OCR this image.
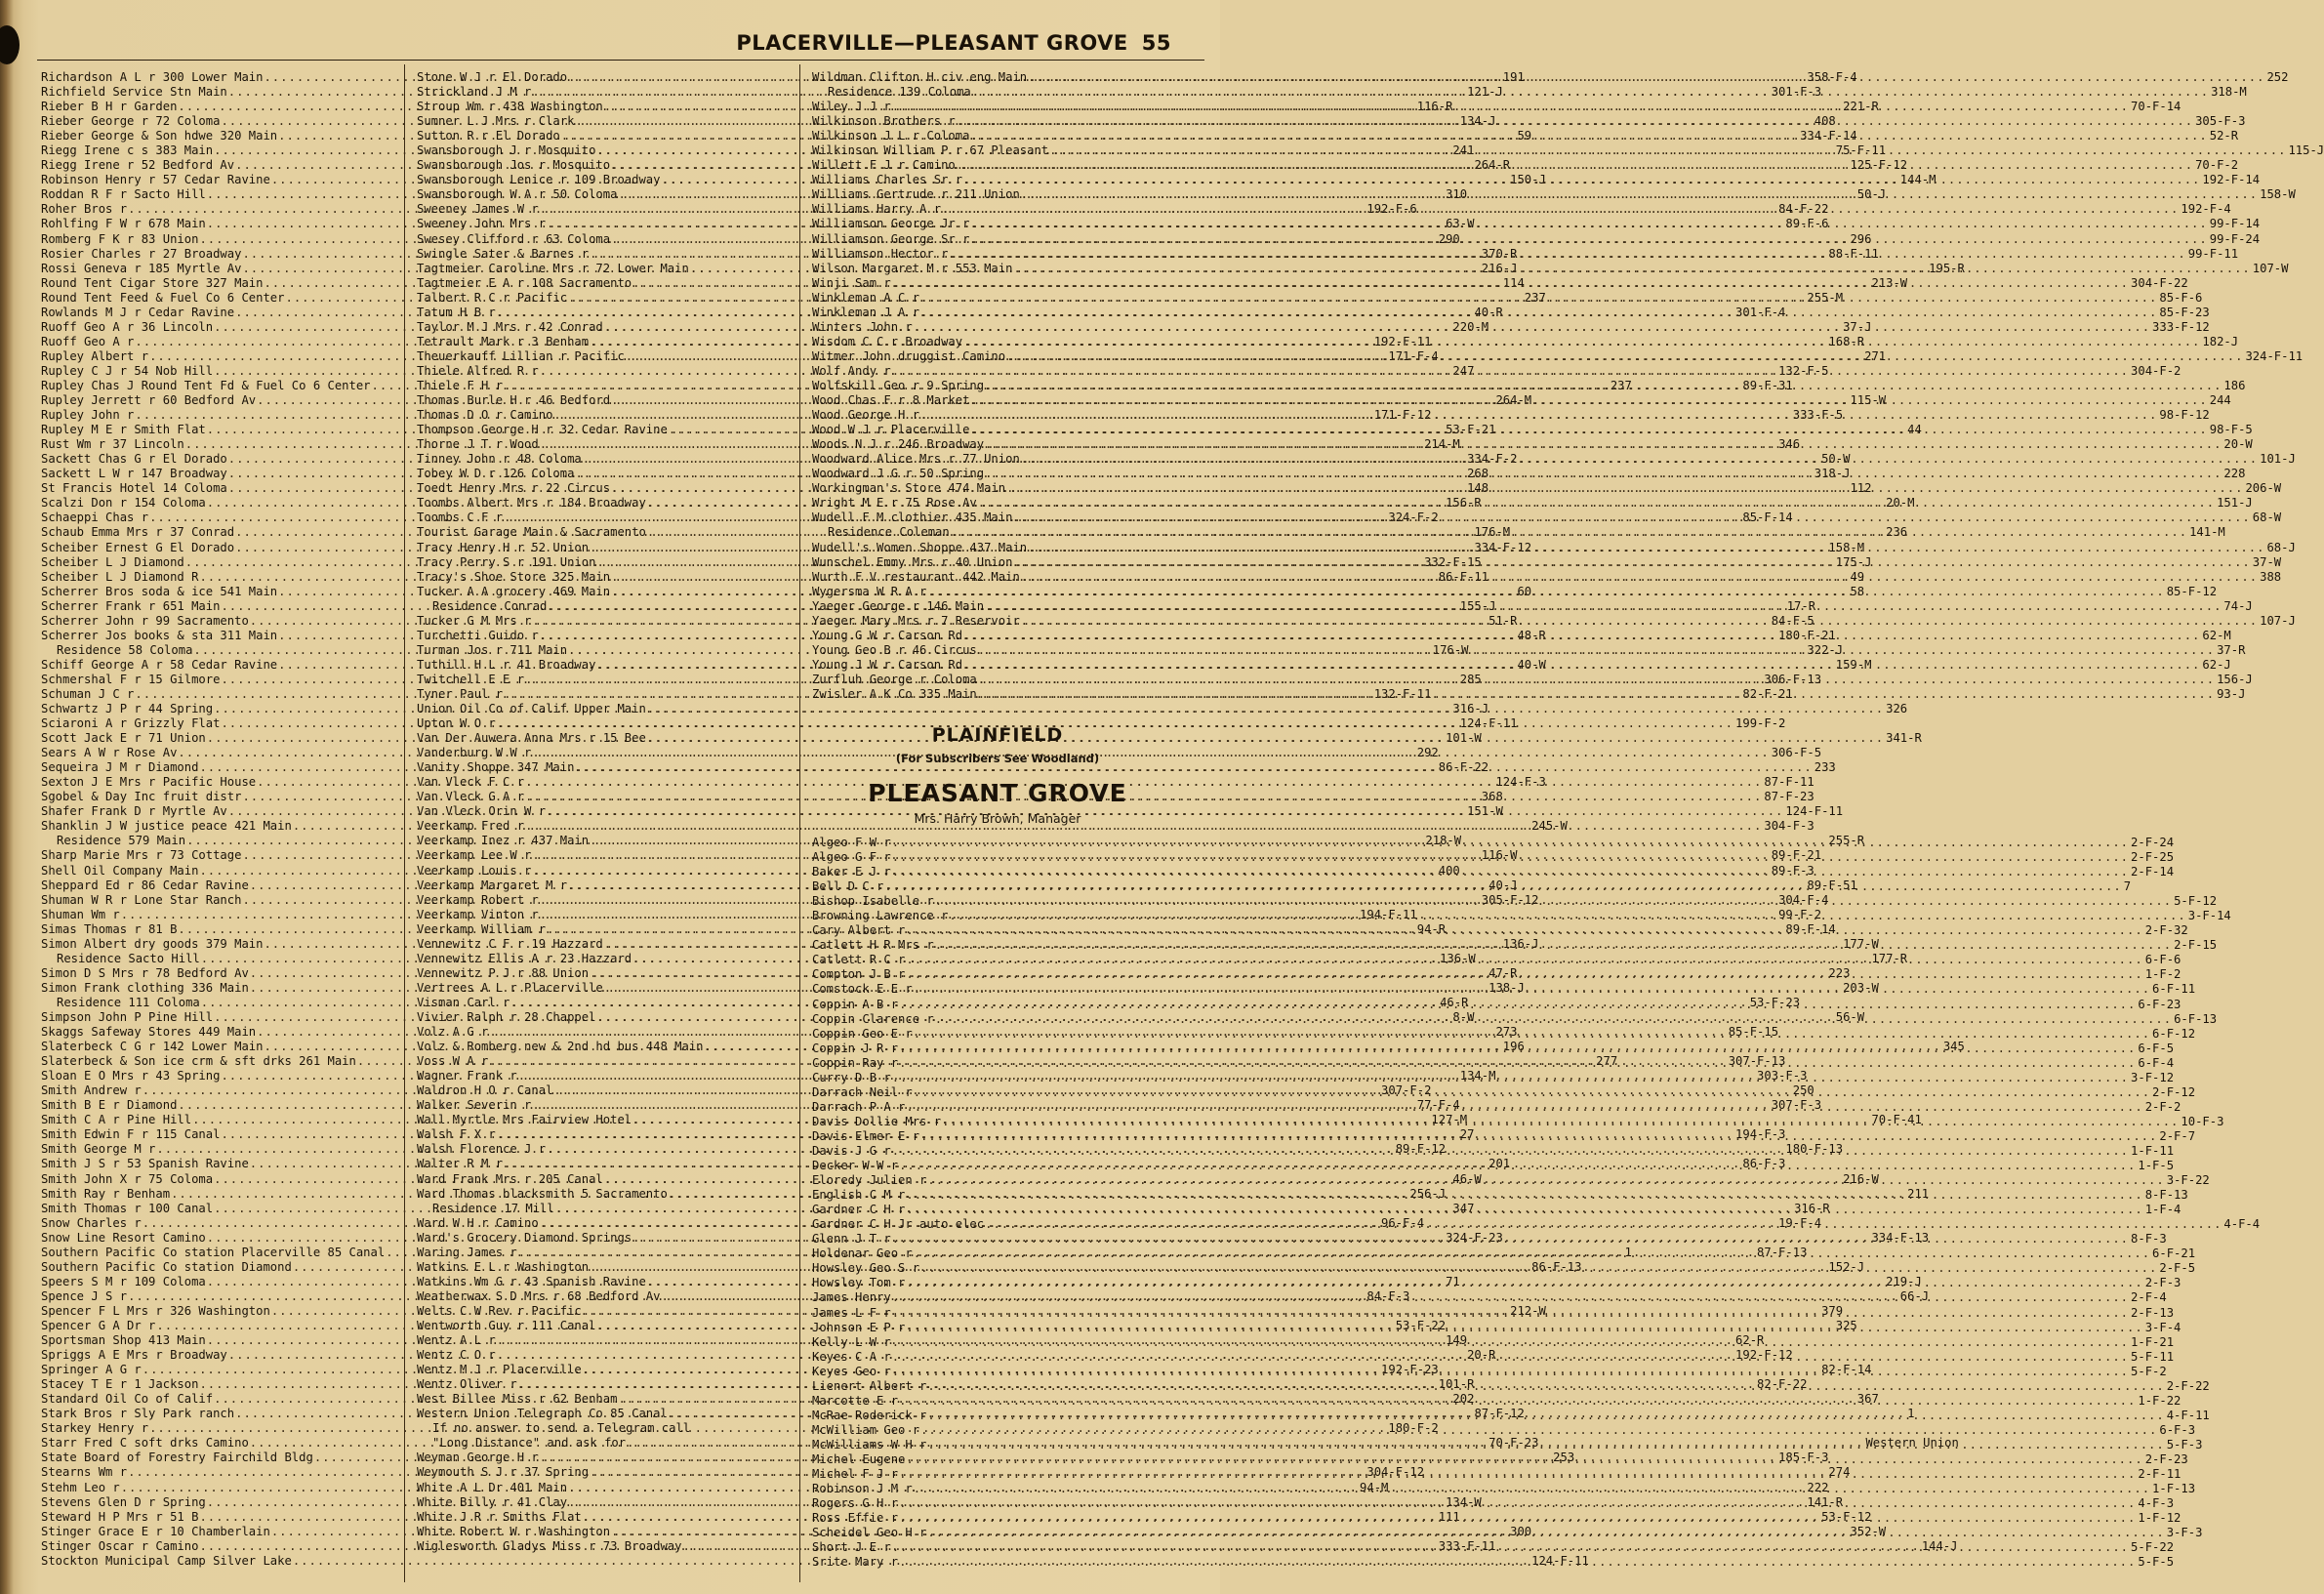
PLACERVILLE—PLEASANT GROVE 55
Richardson A L r 300 Lower Main .....	191
Richfield Service Stn Main .....	121-J
Rieber B H r Garden .....	116-R
Rieber George r 72 Coloma .....	134-J
Rieber George & Son hdwe 320 Main .....	59
Riegg Irene c s 383 Main .....	241
Riegg Irene r 52 Bedford Av .....	264-R
Robinson Henry r 57 Cedar Ravine .....	150-J
Roddan R F r Sacto Hill .....	310
Roher Bros r .....	192-F-6
Rohlfing F W r 678 Main .....	63-W
Romberg F K r 83 Union .....	290
Rosier Charles r 27 Broadway .....	370-R
Rossi Geneva r 185 Myrtle Av .....	216-J
Round Tent Cigar Store 327 Main .....	114
Round Tent Feed & Fuel Co 6 Center .....	237
Rowlands M J r Cedar Ravine .....	40-R
Ruoff Geo A r 36 Lincoln .....	220-M
Ruoff Geo A r .....	192-F-11
Rupley Albert r .....	171-F-4
Rupley C J r 54 Nob Hill .....	247
Rupley Chas J Round Tent Fd & Fuel Co 6 Center .....	237
Rupley Jerrett r 60 Bedford Av .....	264-M
Rupley John r .....	171-F-12
Rupley M E r Smith Flat .....	53-F-21
Rust Wm r 37 Lincoln .....	214-M
Sackett Chas G r El Dorado .....	334-F-2
Sackett L W r 147 Broadway .....	268
St Francis Hotel 14 Coloma .....	148
Scalzi Don r 154 Coloma .....	156-R
Schaeppi Chas r .....	324-F-2
Schaub Emma Mrs r 37 Conrad .....	176-M
Scheiber Ernest G El Dorado .....	334-F-12
Scheiber L J Diamond .....	332-F-15
Scheiber L J Diamond R .....	86-F-11
Scherrer Bros soda & ice 541 Main .....	60
Scherrer Frank r 651 Main .....	155-J
Scherrer John r 99 Sacramento .....	51-R
Scherrer Jos books & sta 311 Main .....	48-R
Residence 58 Coloma .....	176-W
Schiff George A r 58 Cedar Ravine .....	40-W
Schmershal F r 15 Gilmore .....	285
Schuman J C r .....	132-F-11
Schwartz J P r 44 Spring .....	316-J
Sciaroni A r Grizzly Flat .....	124-F-11
Scott Jack E r 71 Union .....	101-W
Sears A W r Rose Av .....	292
Sequeira J M r Diamond .....	86-F-22
Sexton J E Mrs r Pacific House .....	124-F-3
Sgobel & Day Inc fruit distr .....	368
Shafer Frank D r Myrtle Av .....	151-W
Shanklin J W justice peace 421 Main .....	245-W
Residence 579 Main .....	218-W
Sharp Marie Mrs r 73 Cottage .....	116-W
Shell Oil Company Main .....	400
Sheppard Ed r 86 Cedar Ravine .....	40-J
Shuman W R r Lone Star Ranch .....	305-F-12
Shuman Wm r .....	194-F-11
Simas Thomas r 81 B .....	94-R
Simon Albert dry goods 379 Main .....	136-J
Residence Sacto Hill .....	136-W
Simon D S Mrs r 78 Bedford Av .....	47-R
Simon Frank clothing 336 Main .....	138-J
Residence 111 Coloma .....	46-R
Simpson John P Pine Hill .....	8-W
Skaggs Safeway Stores 449 Main .....	273
Slaterbeck C G r 142 Lower Main .....	196
Slaterbeck & Son ice crm & sft drks 261 Main .....	277
Sloan E O Mrs r 43 Spring .....	134-M
Smith Andrew r .....	307-F-2
Smith B E r Diamond .....	77-F-4
Smith C A r Pine Hill .....	127-M
Smith Edwin F r 115 Canal .....	27
Smith George M r .....	89-F-12
Smith J S r 53 Spanish Ravine .....	201
Smith John X r 75 Coloma .....	46-W
Smith Ray r Benham .....	256-J
Smith Thomas r 100 Canal .....	347
Snow Charles r .....	96-F-4
Snow Line Resort Camino .....	324-F-23
Southern Pacific Co station Placerville 85 Canal .....	1
Southern Pacific Co station Diamond .....	86-F-13
Speers S M r 109 Coloma .....	71
Spence J S r .....	84-F-3
Spencer F L Mrs r 326 Washington .....	212-W
Spencer G A Dr r .....	53-F-22
Sportsman Shop 413 Main .....	149
Spriggs A E Mrs r Broadway .....	20-R
Springer A G r .....	192-F-23
Stacey T E r 1 Jackson .....	101-R
Standard Oil Co of Calif .....	202
Stark Bros r Sly Park ranch .....	87-F-12
Starkey Henry r .....	180-F-2
Starr Fred C soft drks Camino .....	70-F-23
State Board of Forestry Fairchild Bldg .....	253
Stearns Wm r .....	304-F-12
Stehm Leo r .....	94-M
Stevens Glen D r Spring .....	134-W
Steward H P Mrs r 51 B .....	111
Stinger Grace E r 10 Chamberlain .....	300
Stinger Oscar r Camino .....	333-F-11
Stockton Municipal Camp Silver Lake .....	124-F-11
Stone W J r El Dorado .....	358-F-4
Strickland J M r .....	301-F-3
Stroup Wm r 438 Washington .....	221-R
Sumner L J Mrs r Clark .....	408
Sutton R r El Dorado .....	334-F-14
Swansborough J r Mosquito .....	75-F-11
Swansborough Jos r Mosquito .....	125-F-12
Swansborough Lenice r 109 Broadway .....	144-M
Swansborough W A r 50 Coloma .....	50-J
Sweeney James W r .....	84-F-22
Sweeney John Mrs r .....	89-F-6
Swesey Clifford r 63 Coloma .....	296
Swingle Sater & Barnes r .....	88-F-11
Tagtmeier Caroline Mrs r 72 Lower Main .....	195-R
Tagtmeier E A r 108 Sacramento .....	213-W
Talbert R C r Pacific .....	255-M
Tatum H B r .....	301-F-4
Taylor M J Mrs r 42 Conrad .....	37-J
Tetrault Mark r 3 Benham .....	168-R
Theuerkauff Lillian r Pacific .....	271
Thiele Alfred R r .....	132-F-5
Thiele F H r .....	89-F-31
Thomas Burle H r 46 Bedford .....	115-W
Thomas D O r Camino .....	333-F-5
Thompson George H r 32 Cedar Ravine .....	44
Thorne J T r Wood .....	346
Tinney John r 48 Coloma .....	50-W
Tobey W D r 126 Coloma .....	318-J
Toedt Henry Mrs r 22 Circus .....	112
Toombs Albert Mrs r 184 Broadway .....	20-M
Toombs C F r .....	85-F-14
Tourist Garage Main & Sacramento .....	236
Tracy Henry H r 52 Union .....	158-M
Tracy Perry S r 191 Union .....	175-J
Tracy's Shoe Store 325 Main .....	49
Tucker A A grocery 469 Main .....	58
Residence Conrad .....	17-R
Tucker G M Mrs r .....	84-F-5
Turchetti Guido r .....	180-F-21
Turman Jos r 711 Main .....	322-J
Tuthill H L r 41 Broadway .....	159-M
Twitchell E E r .....	306-F-13
Tyner Paul r .....	82-F-21
Union Oil Co of Calif Upper Main .....	326
Upton W O r .....	199-F-2
Van Der Auwera Anna Mrs r 15 Bee .....	341-R
Vanderburg W W r .....	306-F-5
Vanity Shoppe 347 Main .....	233
Van Vleck F C r .....	87-F-11
Van Vleck G A r .....	87-F-23
Van Vleck Orin W r .....	124-F-11
Veerkamp Fred r .....	304-F-3
Veerkamp Inez r 437 Main .....	255-R
Veerkamp Lee W r .....	89-F-21
Veerkamp Louis r .....	89-F-3
Veerkamp Margaret M r .....	89-F-51
Veerkamp Robert r .....	304-F-4
Veerkamp Vinton r .....	99-F-2
Veerkamp William r .....	89-F-14
Vennewitz C F r 19 Hazzard .....	177-W
Vennewitz Ellis A r 23 Hazzard .....	177-R
Vennewitz P J r 88 Union .....	223
Vertrees A L r Placerville .....	203-W
Visman Carl r .....	53-F-23
Vivier Ralph r 28 Chappel .....	56-W
Volz A G r .....	85-F-15
Volz & Romberg new & 2nd hd bus 448 Main .....	345
Voss W A r .....	307-F-13
Wagner Frank r .....	303-F-3
Waldron H O r Canal .....	250
Walker Severin r .....	307-F-3
Wall Myrtle Mrs Fairview Hotel .....	70-F-41
Walsh F X r .....	194-F-3
Walsh Florence J r .....	180-F-13
Walter R M r .....	86-F-3
Ward Frank Mrs r 205 Canal .....	216-W
Ward Thomas blacksmith 5 Sacramento .....	211
Residence 17 Mill .....	316-R
Ward W H r Camino .....	19-F-4
Ward's Grocery Diamond Springs .....	334-F-13
Waring James r .....	87-F-13
Watkins E L r Washington .....	152-J
Watkins Wm G r 43 Spanish Ravine .....	219-J
Weatherwax S D Mrs r 68 Bedford Av .....	66-J
Welts C W Rev r Pacific .....	379
Wentworth Guy r 111 Canal .....	325
Wentz A L r .....	62-R
Wentz C O r .....	192-F-12
Wentz M J r Placerville .....	82-F-14
Wentz Oliver r .....	82-F-22
West Billee Miss r 62 Benham .....	367
Western Union Telegraph Co 85 Canal .....	1
If no answer to send a Telegram call
"Long Distance" and ask for .....	Western Union
Weyman George H r .....	185-F-3
Weymouth S J r 37 Spring .....	274
White A L Dr 401 Main .....	222
White Billy r 41 Clay .....	141-R
White J R r Smiths Flat .....	53-F-12
White Robert W r Washington .....	352-W
Wiglesworth Gladys Miss r 73 Broadway .....	144-J
Wildman Clifton H civ eng Main .....	252
Residence 139 Coloma .....	318-M
Wiley J J r .....	70-F-14
Wilkinson Brothers r .....	305-F-3
Wilkinson J L r Coloma .....	52-R
Wilkinson William P r 67 Pleasant .....	115-J
Willett F J r Camino .....	70-F-2
Williams Charles Sr r .....	192-F-14
Williams Gertrude r 211 Union .....	158-W
Williams Harry A r .....	192-F-4
Williamson George Jr r .....	99-F-14
Williamson George Sr r .....	99-F-24
Williamson Hector r .....	99-F-11
Wilson Margaret M r 553 Main .....	107-W
Winji Sam r .....	304-F-22
Winkleman A C r .....	85-F-6
Winkleman J A r .....	85-F-23
Winters John r .....	333-F-12
Wisdom C C r Broadway .....	182-J
Witmer John druggist Camino .....	324-F-11
Wolf Andy r .....	304-F-2
Wolfskill Geo r 9 Spring .....	186
Wood Chas F r 8 Market .....	244
Wood George H r .....	98-F-12
Wood W J r Placerville .....	98-F-5
Woods N J r 246 Broadway .....	20-W
Woodward Alice Mrs r 77 Union .....	101-J
Woodward J G r 50 Spring .....	228
Workingman's Store 474 Main .....	206-W
Wright M E r 75 Rose Av .....	151-J
Wudell F M clothier 435 Main .....	68-W
Residence Coleman .....	141-M
Wudell's Women Shoppe 437 Main .....	68-J
Wunschel Emmy Mrs r 40 Union .....	37-W
Wurth F V restaurant 442 Main .....	388
Wygersma W R A r .....	85-F-12
Yaeger George r 146 Main .....	74-J
Yaeger Mary Mrs r 7 Reservoir .....	107-J
Young G W r Carson Rd .....	62-M
Young Geo B r 46 Circus .....	37-R
Young J W r Carson Rd .....	62-J
Zurfluh George r Coloma .....	156-J
Zwisler A K Co 335 Main .....	93-J
PLAINFIELD
(For Subscribers See Woodland)
PLEASANT GROVE
Mrs. Harry Brown, Manager
Algeo F W r .....	2-F-24
Algeo G F r .....	2-F-25
Baker E J r .....	2-F-14
Bell D C r .....	7
Bishop Isabelle r .....	5-F-12
Browning Lawrence r .....	3-F-14
Cary Albert r .....	2-F-32
Catlett H R Mrs r .....	2-F-15
Catlett R C r .....	6-F-6
Compton J B r .....	1-F-2
Comstock E E r .....	6-F-11
Coppin A B r .....	6-F-23
Coppin Clarence r .....	6-F-13
Coppin Geo E r .....	6-F-12
Coppin J R r .....	6-F-5
Coppin Ray r .....	6-F-4
Curry D B r .....	3-F-12
Darrach Neil r .....	2-F-12
Darrach P A r .....	2-F-2
Davis Dollie Mrs r .....	10-F-3
Davis Elmer E r .....	2-F-7
Davis J G r .....	1-F-11
Decker W W r .....	1-F-5
Eloredy Julien r .....	3-F-22
English C M r .....	8-F-13
Gardner C H r .....	1-F-4
Gardner C H Jr auto elec .....	4-F-4
Glenn J T r .....	8-F-3
Holdenar Geo r .....	6-F-21
Howsley Geo S r .....	2-F-5
Howsley Tom r .....	2-F-3
James Henry .....	2-F-4
James L F r .....	2-F-13
Johnson E P r .....	3-F-4
Kelly L W r .....	1-F-21
Keyes C A r .....	5-F-11
Keyes Geo r .....	5-F-2
Lienert Albert r .....	2-F-22
Marcotte E r .....	1-F-22
McRae Roderick r .....	4-F-11
McWilliam Geo r .....	6-F-3
McWilliams W H r .....	5-F-3
Michel Eugene .....	2-F-23
Michel F J r .....	2-F-11
Robinson J M r .....	1-F-13
Rogers G H r .....	4-F-3
Ross Effie r .....	1-F-12
Scheidel Geo H r .....	3-F-3
Short J E r .....	5-F-22
Srite Mary r .....	5-F-5
